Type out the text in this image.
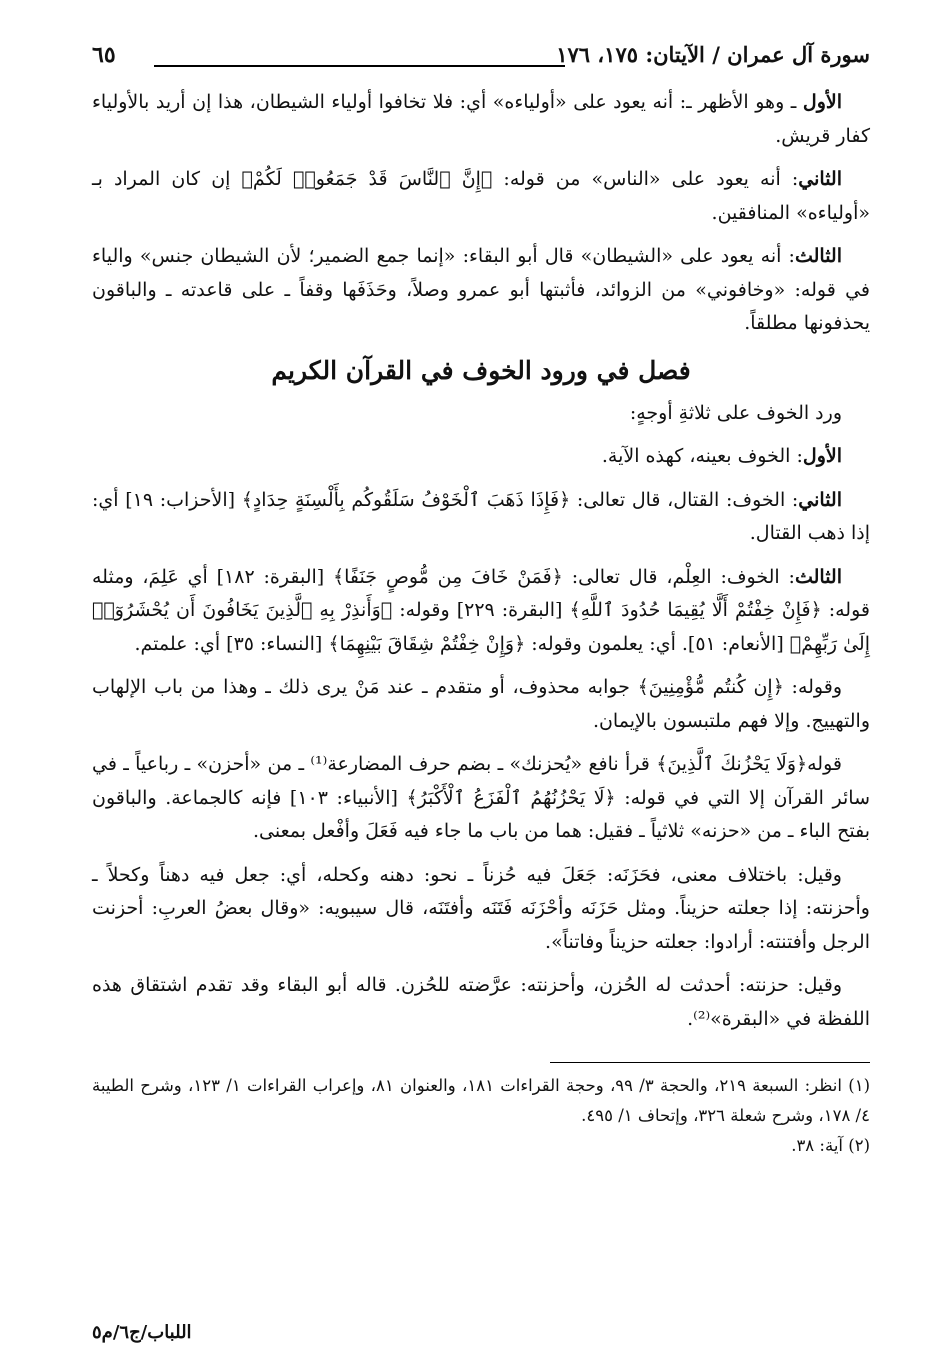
سورة آل عمران / الآيتان: ١٧٥، ١٧٦
٦٥

الأول ـ وهو الأظهر ـ: أنه يعود على «أولياءه» أي: فلا تخافوا أولياء الشيطان، هذا إن أريد بالأولياء كفار قريش.

الثاني: أنه يعود على «الناس» من قوله: ﴿إِنَّ ٱلنَّاسَ قَدْ جَمَعُوا۟ لَكُمْ﴾ إن كان المراد بـ «أولياءه» المنافقين.

الثالث: أنه يعود على «الشيطان» قال أبو البقاء: «إنما جمع الضمير؛ لأن الشيطان جنس» والياء في قوله: «وخافوني» من الزوائد، فأثبتها أبو عمرو وصلاً، وحَذَفَها وقفاً ـ على قاعدته ـ والباقون يحذفونها مطلقاً.

فصل في ورود الخوف في القرآن الكريم

ورد الخوف على ثلاثةِ أوجهٍ:

الأول: الخوف بعينه، كهذه الآية.

الثاني: الخوف: القتال، قال تعالى: ﴿فَإِذَا ذَهَبَ ٱلْخَوْفُ سَلَقُوكُم بِأَلْسِنَةٍ حِدَادٍ﴾ [الأحزاب: ١٩] أي: إذا ذهب القتال.

الثالث: الخوف: العِلْم، قال تعالى: ﴿فَمَنْ خَافَ مِن مُّوصٍ جَنَفًا﴾ [البقرة: ١٨٢] أي عَلِمَ، ومثله قوله: ﴿فَإِنْ خِفْتُمْ أَلَّا يُقِيمَا حُدُودَ ٱللَّهِ﴾ [البقرة: ٢٢٩] وقوله: ﴿وَأَنذِرْ بِهِ ٱلَّذِينَ يَخَافُونَ أَن يُحْشَرُوٓا۟ إِلَىٰ رَبِّهِمْ﴾ [الأنعام: ٥١]. أي: يعلمون وقوله: ﴿وَإِنْ خِفْتُمْ شِقَاقَ بَيْنِهِمَا﴾ [النساء: ٣٥] أي: علمتم.

وقوله: ﴿إِن كُنتُم مُّؤْمِنِينَ﴾ جوابه محذوف، أو متقدم ـ عند مَنْ يرى ذلك ـ وهذا من باب الإلهاب والتهييج. وإلا فهم ملتبسون بالإيمان.

قوله﴿وَلَا يَحْزُنكَ ٱلَّذِينَ﴾ قرأ نافع «يُحزنك» ـ بضم حرف المضارعة⁽¹⁾ ـ من «أحزن» ـ رباعياً ـ في سائر القرآن إلا التي في قوله: ﴿لَا يَحْزُنُهُمُ ٱلْفَزَعُ ٱلْأَكْبَرُ﴾ [الأنبياء: ١٠٣] فإنه كالجماعة. والباقون بفتح الباء ـ من «حزنه» ثلاثياً ـ فقيل: هما من باب ما جاء فيه فَعَلَ وأفْعل بمعنى.

وقيل: باختلاف معنى، فحَزَنَه: جَعَلَ فيه حُزناً ـ نحو: دهنه وكحله، أي: جعل فيه دهناً وكحلاً ـ وأحزنته: إذا جعلته حزيناً. ومثل حَزَنَه وأحْزَنَه فَتَنَه وأفتَنَه، قال سيبويه: «وقال بعضُ العربِ: أحزنت الرجل وأفتنته: أرادوا: جعلته حزيناً وفاتناً».

وقيل: حزنته: أحدثت له الحُزن، وأحزنته: عرَّضته للحُزن. قاله أبو البقاء وقد تقدم اشتقاق هذه اللفظة في «البقرة»⁽²⁾.

(١) انظر: السبعة ٢١٩، والحجة ٣/ ٩٩، وحجة القراءات ١٨١، والعنوان ٨١، وإعراب القراءات ١/ ١٢٣، وشرح الطيبة ٤/ ١٧٨، وشرح شعلة ٣٢٦، وإتحاف ١/ ٤٩٥.

(٢) آية: ٣٨.

اللباب/ج٦/م٥
